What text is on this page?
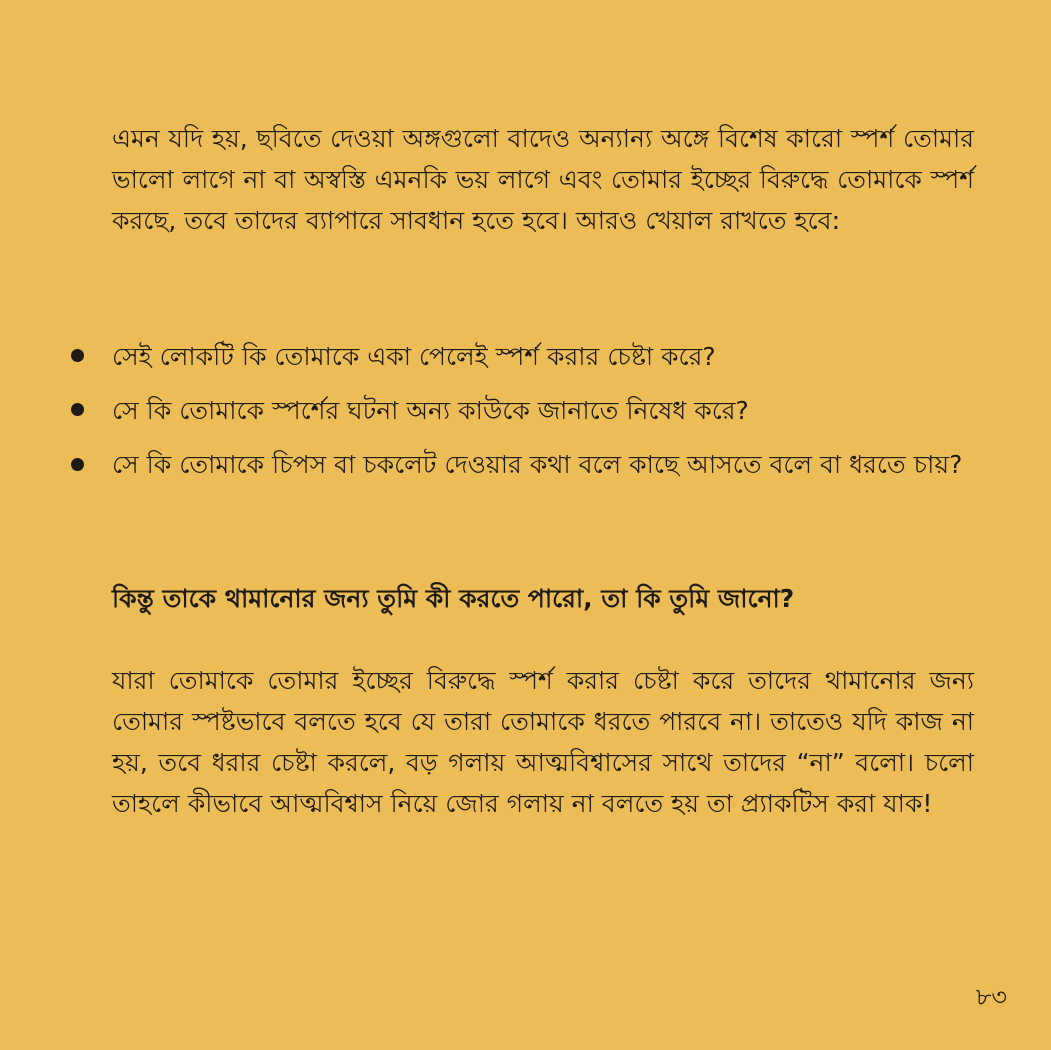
এমন যদি হয়, ছবিতে দেওয়া অঙ্গগুলো বাদেও অন্যান্য অঙ্গে বিশেষ কারো স্পর্শ তোমার ভালো লাগে না বা অস্বস্তি এমনকি ভয় লাগে এবং তোমার ইচ্ছের বিরুদ্ধে তোমাকে স্পর্শ করছে, তবে তাদের ব্যাপারে সাবধান হতে হবে। আরও খেয়াল রাখতে হবে:

সেই লোকটি কি তোমাকে একা পেলেই স্পর্শ করার চেষ্টা করে?
সে কি তোমাকে স্পর্শের ঘটনা অন্য কাউকে জানাতে নিষেধ করে?
সে কি তোমাকে চিপস বা চকলেট দেওয়ার কথা বলে কাছে আসতে বলে বা ধরতে চায়?

কিন্তু তাকে থামানোর জন্য তুমি কী করতে পারো, তা কি তুমি জানো?

যারা তোমাকে তোমার ইচ্ছের বিরুদ্ধে স্পর্শ করার চেষ্টা করে তাদের থামানোর জন্য তোমার স্পষ্টভাবে বলতে হবে যে তারা তোমাকে ধরতে পারবে না। তাতেও যদি কাজ না হয়, তবে ধরার চেষ্টা করলে, বড় গলায় আত্মবিশ্বাসের সাথে তাদের “না” বলো। চলো তাহলে কীভাবে আত্মবিশ্বাস নিয়ে জোর গলায় না বলতে হয় তা প্র্যাকটিস করা যাক!

৮৩
